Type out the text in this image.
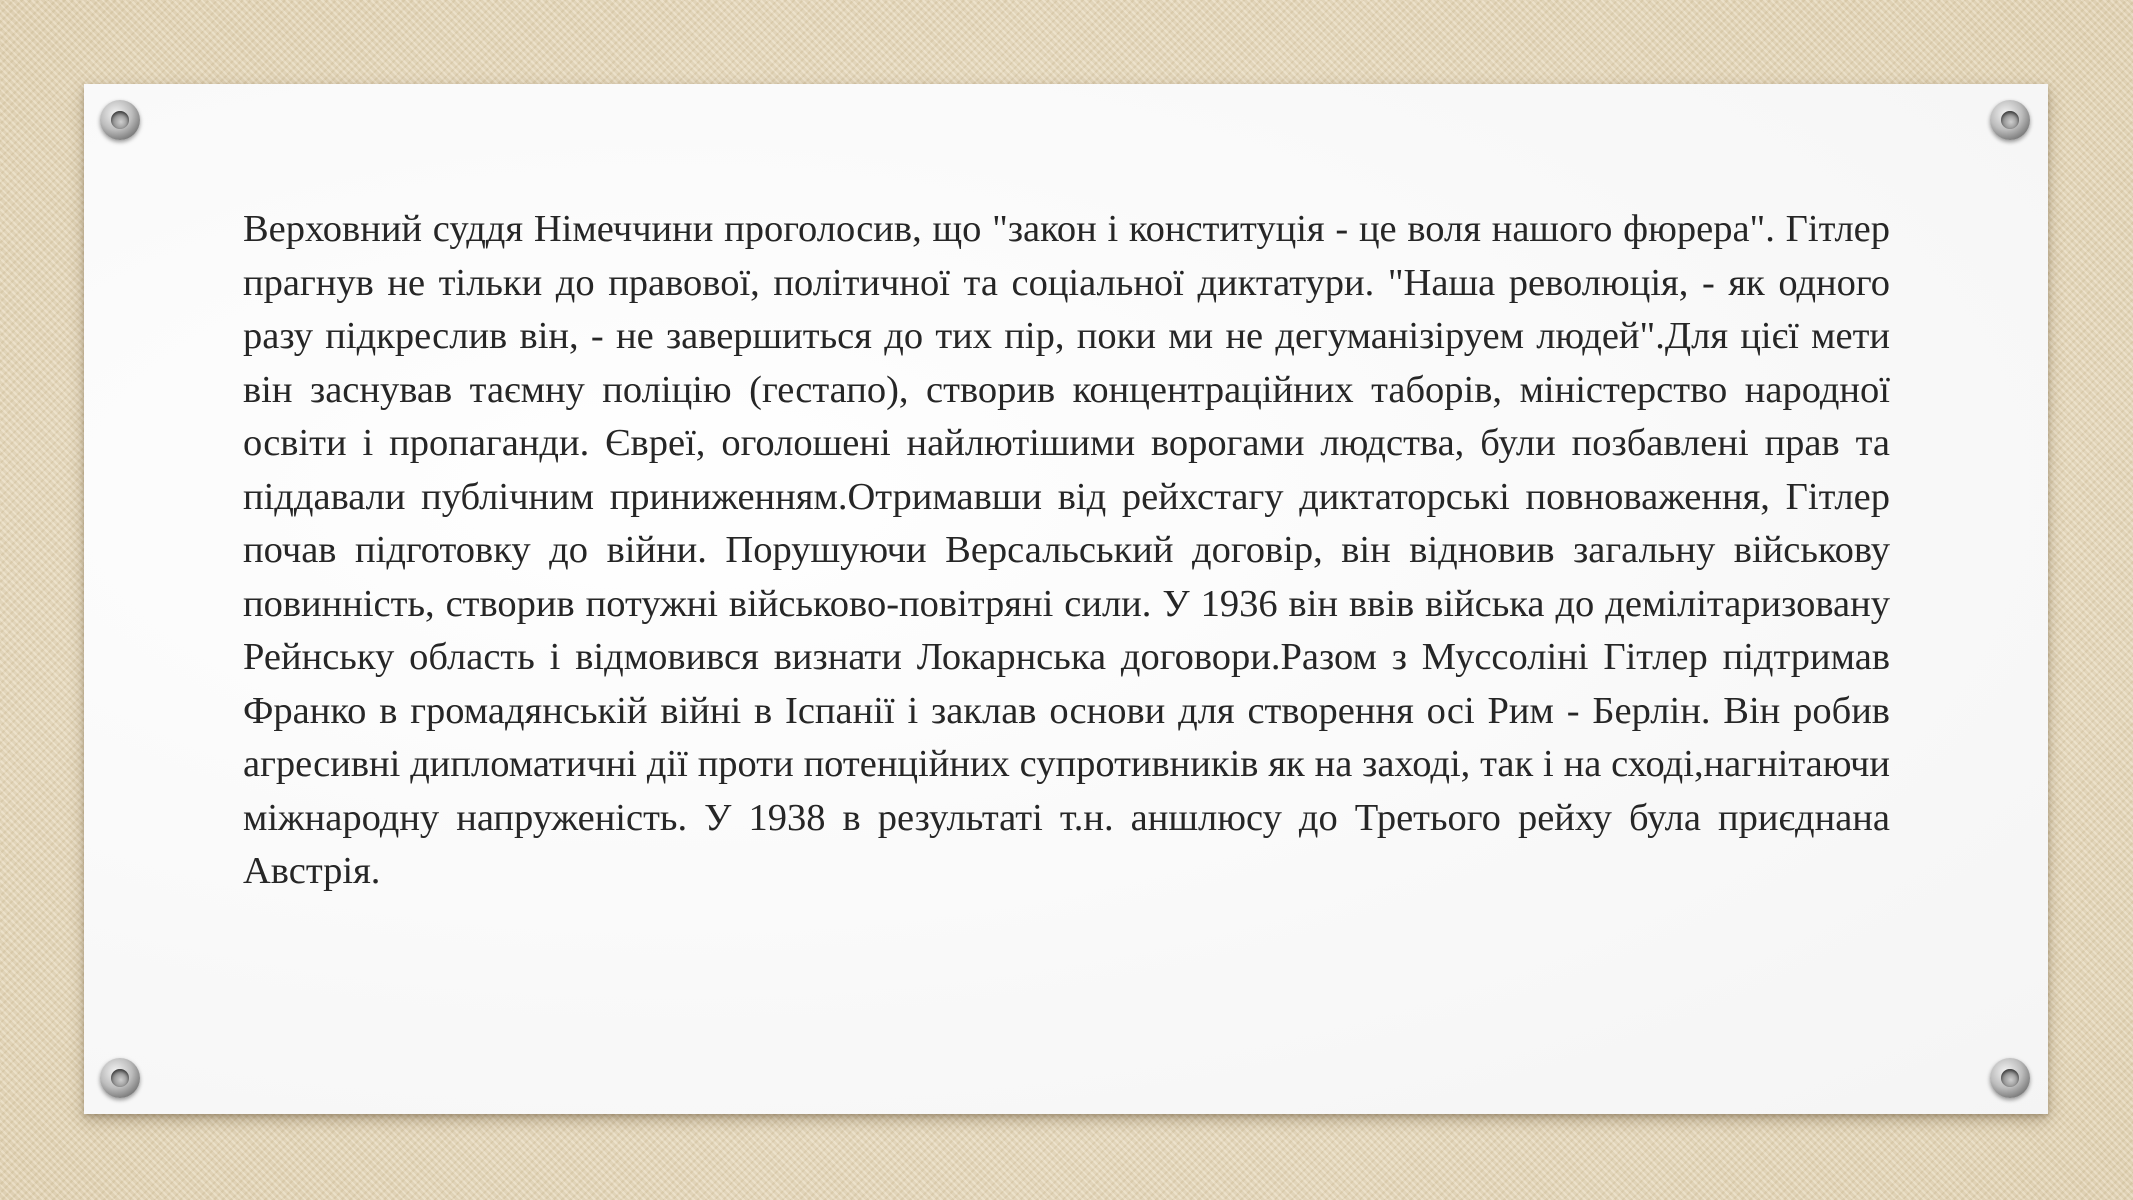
Верховний суддя Німеччини проголосив, що "закон і конституція - це воля нашого фюрера". Гітлер прагнув не тільки до правової, політичної та соціальної диктатури. "Наша революція, - як одного разу підкреслив він, - не завершиться до тих пір, поки ми не дегуманізіруем людей".Для цієї мети він заснував таємну поліцію (гестапо), створив концентраційних таборів, міністерство народної освіти і пропаганди. Євреї, оголошені найлютішими ворогами людства, були позбавлені прав та піддавали публічним приниженням.Отримавши від рейхстагу диктаторські повноваження, Гітлер почав підготовку до війни. Порушуючи Версальський договір, він відновив загальну військову повинність, створив потужні військово-повітряні сили. У 1936 він ввів війська до демілітаризовану Рейнську область і відмовився визнати Локарнська договори.Разом з Муссоліні Гітлер підтримав Франко в громадянській війні в Іспанії і заклав основи для створення осі Рим - Берлін. Він робив агресивні дипломатичні дії проти потенційних супротивників як на заході, так і на сході,нагнітаючи міжнародну напруженість. У 1938 в результаті т.н. аншлюсу до Третього рейху була приєднана Австрія.
